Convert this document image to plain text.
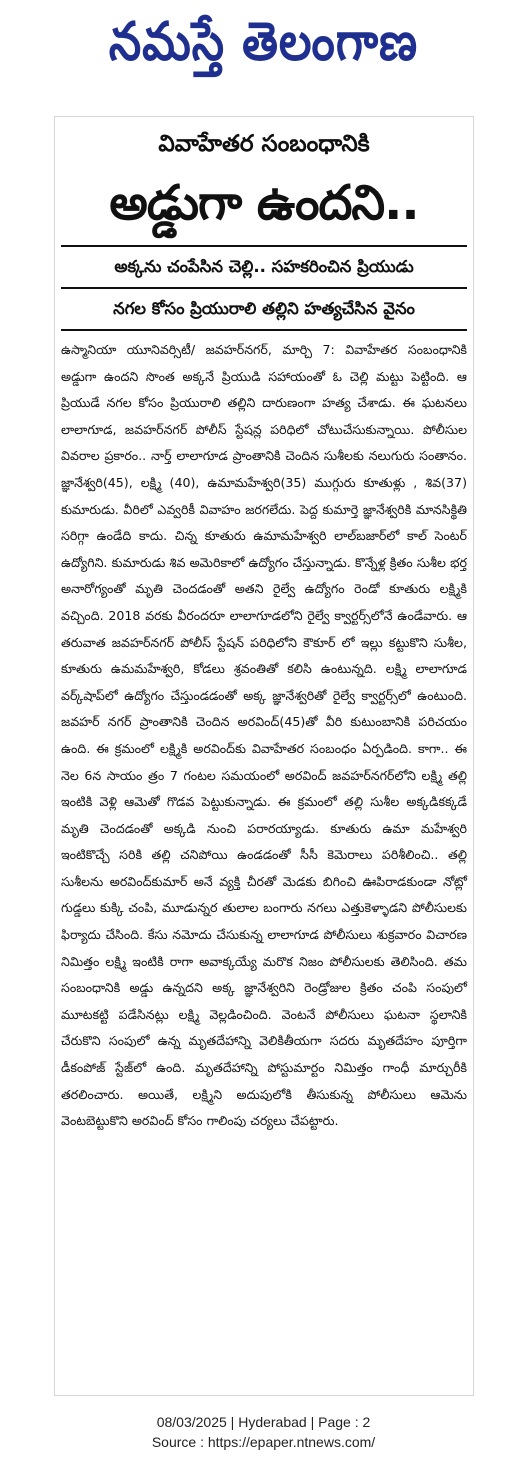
నమస్తే తెలంగాణ
వివాహేతర సంబంధానికి
అడ్డుగా ఉందని..
అక్కను చంపేసిన చెల్లి.. సహకరించిన ప్రియుడు
నగల కోసం ప్రియురాలి తల్లిని హత్యచేసిన వైనం

ఉస్మానియా యూనివర్సిటీ/ జవహర్‌నగర్, మార్చి 7: వివాహేతర సంబంధానికి అడ్డుగా ఉందని సొంత అక్కనే ప్రియుడి సహాయంతో ఓ చెల్లి మట్టు పెట్టింది. ఆ ప్రియుడే నగల కోసం ప్రియురాలి తల్లిని దారుణంగా హత్య చేశాడు. ఈ ఘటనలు లాలాగూడ, జవహర్‌నగర్ పోలీస్ స్టేషన్ల పరిధిలో చోటుచేసుకున్నాయి. పోలీసుల వివరాల ప్రకారం.. నార్త్ లాలాగూడ ప్రాంతానికి చెందిన సుశీలకు నలుగురు సంతానం. జ్ఞానేశ్వరి(45), లక్ష్మి (40), ఉమామహేశ్వరి(35) ముగ్గురు కూతుళ్లు , శివ(37) కుమారుడు. వీరిలో ఎవ్వరికీ వివాహం జరగలేదు. పెద్ద కుమార్తె జ్ఞానేశ్వరికి మానసిక్థితి సరిగ్గా ఉండేది కాదు. చిన్న కూతురు ఉమామహేశ్వరి లాల్‌బజార్‌లో కాల్ సెంటర్ ఉద్యోగిని. కుమారుడు శివ అమెరికాలో ఉద్యోగం చేస్తున్నాడు. కొన్నేళ్ల క్రితం సుశీల భర్త అనారోగ్యంతో మృతి చెందడంతో అతని రైల్వే ఉద్యోగం రెండో కూతురు లక్ష్మికి వచ్చింది. 2018 వరకు వీరందరూ లాలాగూడలోని రైల్వే క్వార్టర్స్‌లోనే ఉండేవారు. ఆ తరువాత జవహర్‌నగర్ పోలీస్ స్టేషన్ పరిధిలోని కౌకూర్ లో ఇల్లు కట్టుకొని సుశీల, కూతురు ఉమమహేశ్వరి, కోడలు శ్రవంతితో కలిసి ఉంటున్నది. లక్ష్మి లాలాగూడ వర్క్‌షాప్‌లో ఉద్యోగం చేస్తుండడంతో అక్క జ్ఞానేశ్వరితో రైల్వే క్వార్టర్స్‌లో ఉంటుంది. జవహర్ నగర్ ప్రాంతానికి చెందిన అరవింద్(45)తో వీరి కుటుంబానికి పరిచయం ఉంది. ఈ క్రమంలో లక్ష్మికి అరవింద్‌కు వివాహేతర సంబంధం ఏర్పడింది. కాగా.. ఈ నెల 6న సాయం త్రం 7 గంటల సమయంలో అరవింద్ జవహర్‌నగర్‌లోని లక్ష్మి తల్లి ఇంటికి వెళ్లి ఆమెతో గొడవ పెట్టుకున్నాడు. ఈ క్రమంలో తల్లి సుశీల అక్కడికక్కడే మృతి చెందడంతో అక్కడి నుంచి పరారయ్యాడు. కూతురు ఉమా మహేశ్వరి ఇంటికొచ్చే సరికి తల్లి చనిపోయి ఉండడంతో సీసీ కెమెరాలు పరిశీలించి.. తల్లి సుశీలను అరవింద్‌కుమార్ అనే వ్యక్తి చీరతో మెడకు బిగించి ఊపిరాడకుండా నోట్లో గుడ్డలు కుక్కి చంపి, మూడున్నర తులాల బంగారు నగలు ఎత్తుకెళ్ళాడని పోలీసులకు ఫిర్యాదు చేసింది. కేసు నమోదు చేసుకున్న లాలాగూడ పోలీసులు శుక్రవారం విచారణ నిమిత్తం లక్ష్మి ఇంటికి రాగా అవాక్కయ్యే మరొక నిజం పోలీసులకు తెలిసింది. తమ సంబంధానికి అడ్డు ఉన్నదని అక్క జ్ఞానేశ్వరిని రెండ్రోజుల క్రితం చంపి సంపులో మూటకట్టి పడేసినట్లు లక్ష్మి వెల్లడించింది. వెంటనే పోలీసులు ఘటనా స్థలానికి చేరుకొని సంపులో ఉన్న మృతదేహాన్ని వెలికితీయగా సదరు మృతదేహం పూర్తిగా డీకంపోజ్ స్టేజ్‌లో ఉంది. మృతదేహాన్ని పోస్టుమార్టం నిమిత్తం గాంధీ మార్చురీకి తరలించారు. అయితే, లక్ష్మిని అదుపులోకి తీసుకున్న పోలీసులు ఆమెను వెంటబెట్టుకొని అరవింద్ కోసం గాలింపు చర్యలు చేపట్టారు.

08/03/2025 | Hyderabad | Page : 2
Source : https://epaper.ntnews.com/
